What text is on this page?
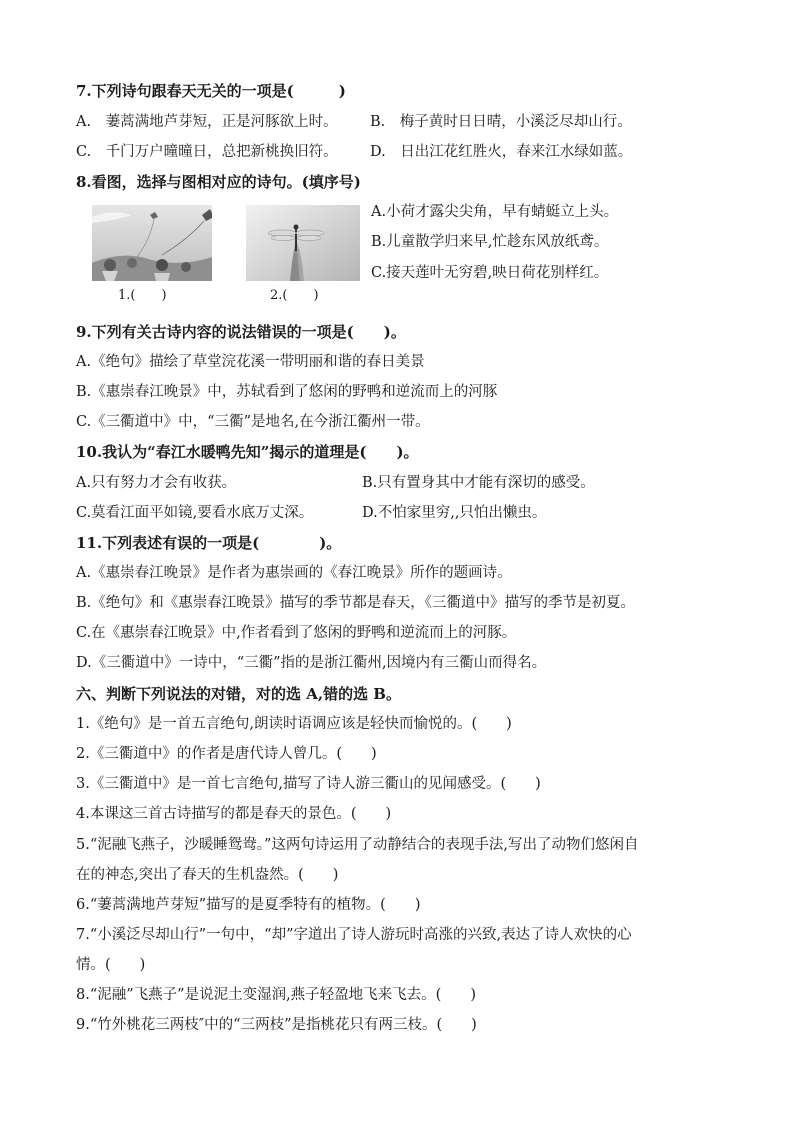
7.下列诗句跟春天无关的一项是(　　　)
A.　萋蒿满地芦芽短，正是河豚欲上时。 B.　梅子黄时日日晴，小溪泛尽却山行。
C.　千门万户曈曈日，总把新桃换旧符。 D.　日出江花红胜火，春来江水绿如蓝。
8.看图，选择与图相对应的诗句。(填序号)
1.(　　)	2.(　　)
A.小荷才露尖尖角，早有蜻蜓立上头。
B.儿童散学归来早,忙趁东风放纸鸢。
C.接天莲叶无穷碧,映日荷花别样红。
9.下列有关古诗内容的说法错误的一项是(　　)。
A.《绝句》描绘了草堂浣花溪一带明丽和谐的春日美景
B.《惠崇春江晚景》中，苏轼看到了悠闲的野鸭和逆流而上的河豚
C.《三衢道中》中，“三衢”是地名,在今浙江衢州一带。
10.我认为“春江水暖鸭先知”揭示的道理是(　　)。
A.只有努力才会有收获。	B.只有置身其中才能有深切的感受。
C.莫看江面平如镜,要看水底万丈深。	D.不怕家里穷,,只怕出懒虫。
11.下列表述有误的一项是(　　　　)。
A.《惠崇春江晚景》是作者为惠崇画的《春江晚景》所作的题画诗。
B.《绝句》和《惠崇春江晚景》描写的季节都是春天，《三衢道中》描写的季节是初夏。
C.在《惠崇春江晚景》中,作者看到了悠闲的野鸭和逆流而上的河豚。
D.《三衢道中》一诗中，“三衢”指的是浙江衢州,因境内有三衢山而得名。
六、判断下列说法的对错，对的选 A,错的选 B。
1.《绝句》是一首五言绝句,朗读时语调应该是轻快而愉悦的。(　　)
2.《三衢道中》的作者是唐代诗人曾几。(　　)
3.《三衢道中》是一首七言绝句,描写了诗人游三衢山的见闻感受。(　　)
4.本课这三首古诗描写的都是春天的景色。(　　)
5.“泥融飞燕子，沙暖睡鸳鸯。”这两句诗运用了动静结合的表现手法,写出了动物们悠闲自
在的神态,突出了春天的生机盎然。(　　)
6.“萋蒿满地芦芽短”描写的是夏季特有的植物。(　　)
7.“小溪泛尽却山行”一句中，“却”字道出了诗人游玩时高涨的兴致,表达了诗人欢快的心
情。(　　)
8.“泥融”飞燕子”是说泥土变湿润,燕子轻盈地飞来飞去。(　　)
9.“竹外桃花三两枝″中的“三两枝”是指桃花只有两三枝。(　　)
